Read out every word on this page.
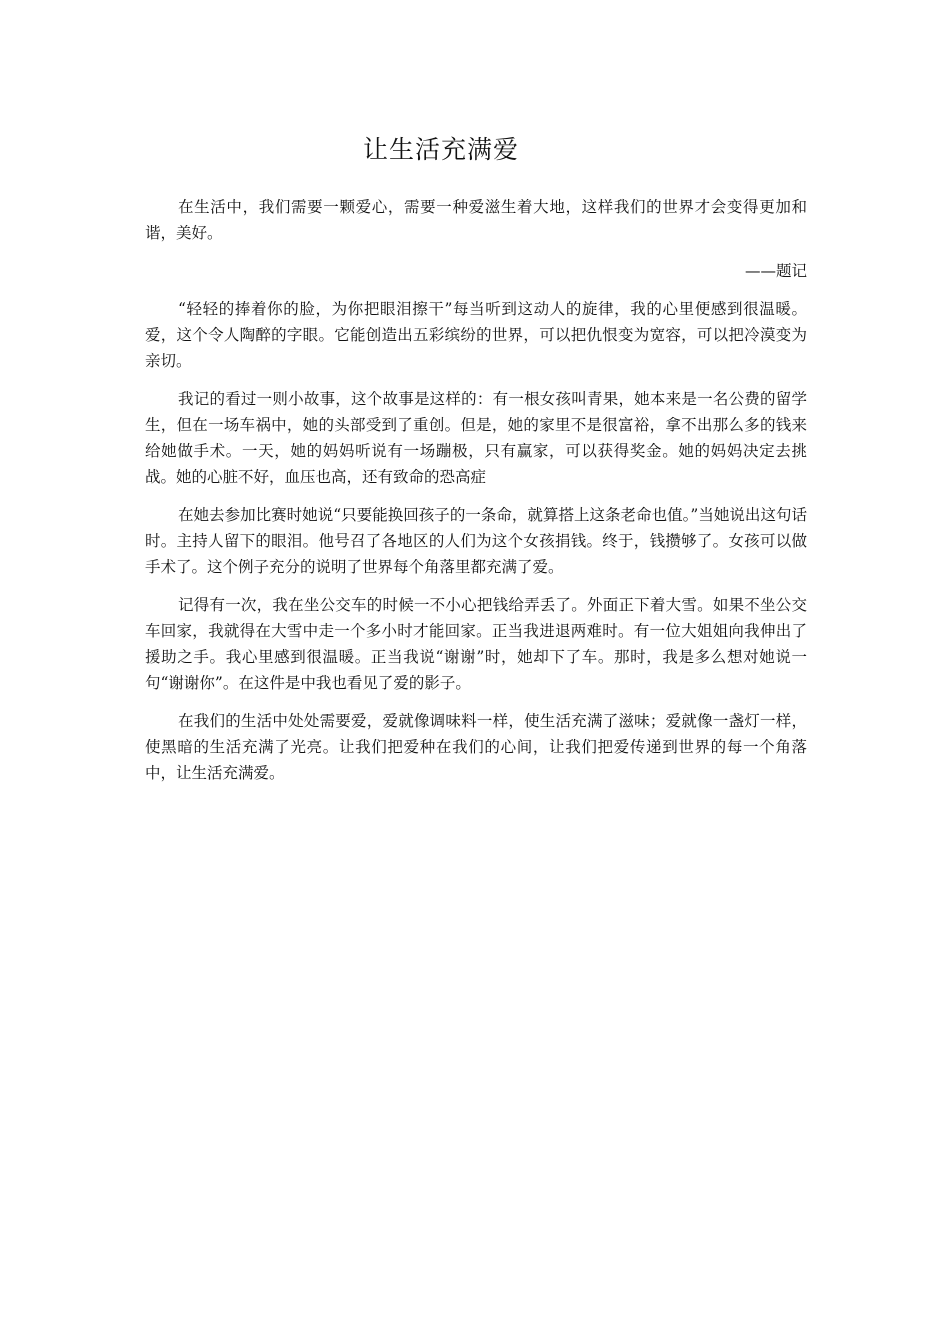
让生活充满爱

在生活中，我们需要一颗爱心，需要一种爱滋生着大地，这样我们的世界才会变得更加和谐，美好。

——题记

“轻轻的捧着你的脸，为你把眼泪擦干”每当听到这动人的旋律，我的心里便感到很温暖。爱，这个令人陶醉的字眼。它能创造出五彩缤纷的世界，可以把仇恨变为宽容，可以把冷漠变为亲切。

我记的看过一则小故事，这个故事是这样的：有一根女孩叫青果，她本来是一名公费的留学生，但在一场车祸中，她的头部受到了重创。但是，她的家里不是很富裕，拿不出那么多的钱来给她做手术。一天，她的妈妈听说有一场蹦极，只有赢家，可以获得奖金。她的妈妈决定去挑战。她的心脏不好，血压也高，还有致命的恐高症

在她去参加比赛时她说“只要能换回孩子的一条命，就算搭上这条老命也值。”当她说出这句话时。主持人留下的眼泪。他号召了各地区的人们为这个女孩捐钱。终于，钱攒够了。女孩可以做手术了。这个例子充分的说明了世界每个角落里都充满了爱。

记得有一次，我在坐公交车的时候一不小心把钱给弄丢了。外面正下着大雪。如果不坐公交车回家，我就得在大雪中走一个多小时才能回家。正当我进退两难时。有一位大姐姐向我伸出了援助之手。我心里感到很温暖。正当我说“谢谢”时，她却下了车。那时，我是多么想对她说一句“谢谢你”。在这件是中我也看见了爱的影子。

在我们的生活中处处需要爱，爱就像调味料一样，使生活充满了滋味；爱就像一盏灯一样，使黑暗的生活充满了光亮。让我们把爱种在我们的心间，让我们把爱传递到世界的每一个角落中，让生活充满爱。
